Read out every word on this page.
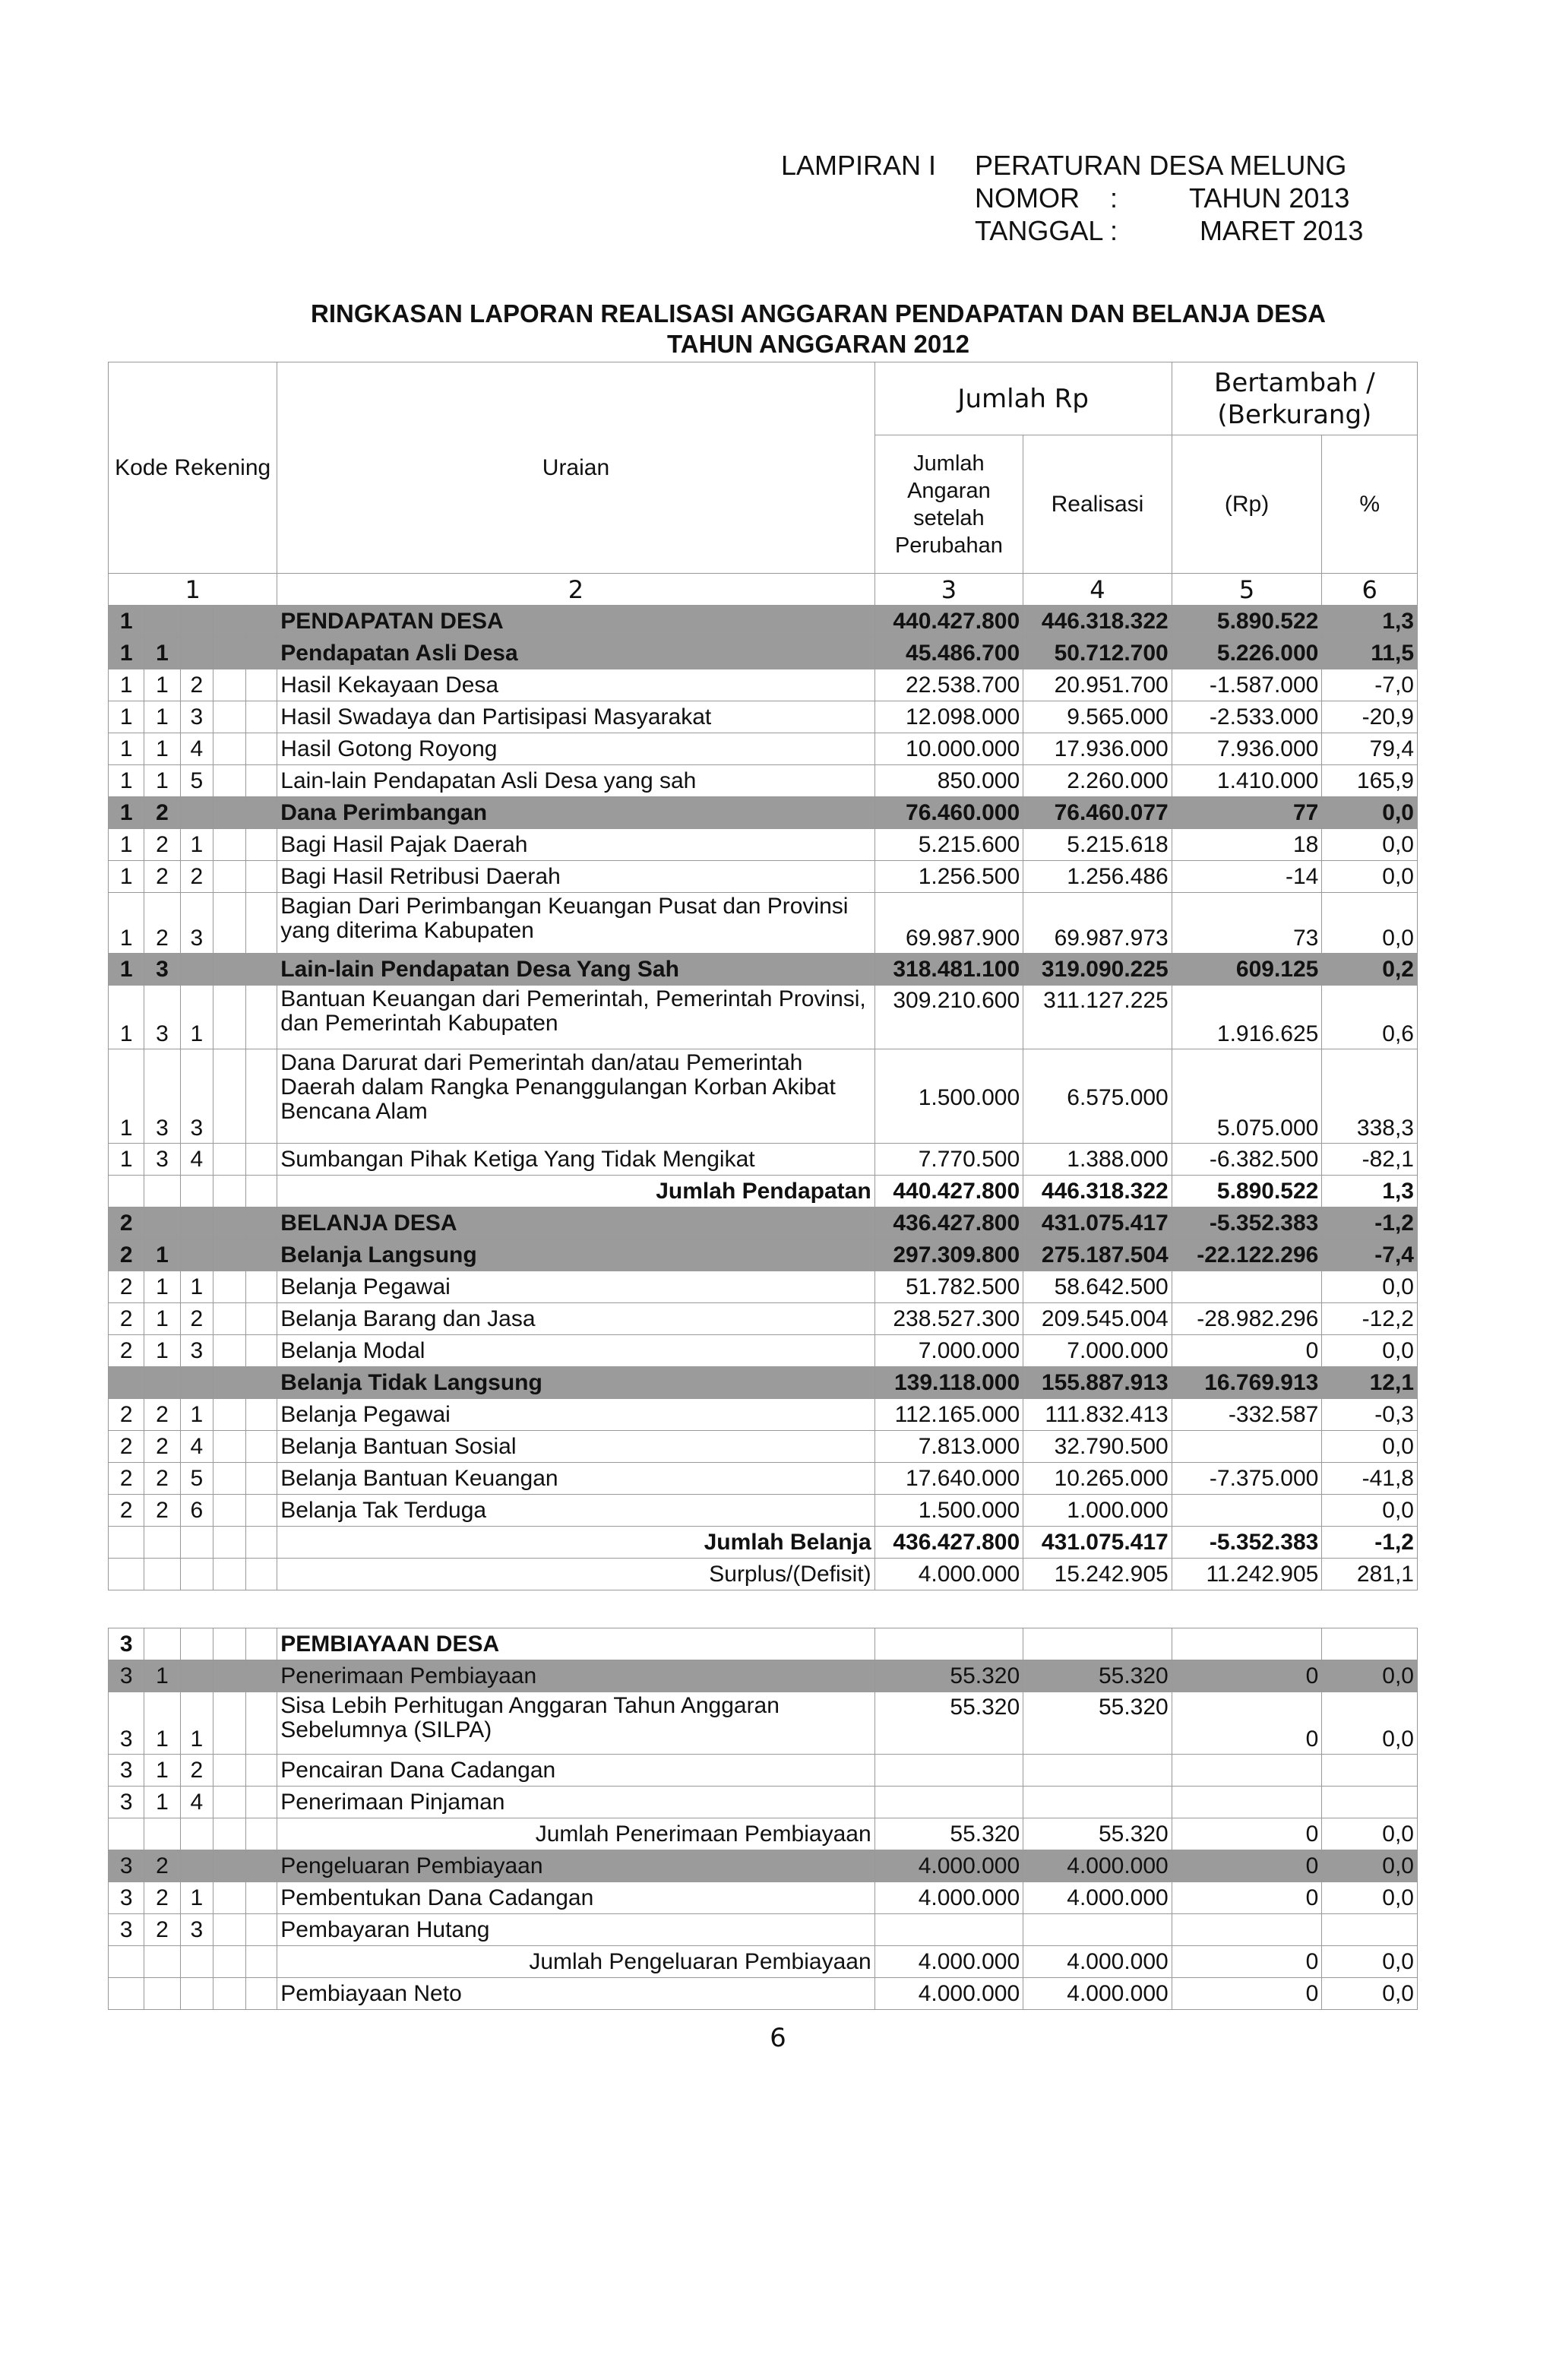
LAMPIRAN I	PERATURAN DESA MELUNG
NOMOR    :	TAHUN 2013
TANGGAL :	MARET 2013
RINGKASAN LAPORAN REALISASI ANGGARAN PENDAPATAN DAN BELANJA DESA
TAHUN ANGGARAN 2012
Kode Rekening					Uraian	Jumlah Rp		Bertambah / (Berkurang)	
						Jumlah Angaran setelah Perubahan	Realisasi	(Rp)	%
1					2	3	4	5	6
1					PENDAPATAN DESA	440.427.800	446.318.322	5.890.522	1,3
1	1				Pendapatan Asli Desa	45.486.700	50.712.700	5.226.000	11,5
1	1	2			Hasil Kekayaan Desa	22.538.700	20.951.700	-1.587.000	-7,0
1	1	3			Hasil Swadaya dan Partisipasi Masyarakat	12.098.000	9.565.000	-2.533.000	-20,9
1	1	4			Hasil Gotong Royong	10.000.000	17.936.000	7.936.000	79,4
1	1	5			Lain-lain Pendapatan Asli Desa yang sah	850.000	2.260.000	1.410.000	165,9
1	2				Dana Perimbangan	76.460.000	76.460.077	77	0,0
1	2	1			Bagi Hasil Pajak Daerah	5.215.600	5.215.618	18	0,0
1	2	2			Bagi Hasil Retribusi Daerah	1.256.500	1.256.486	-14	0,0
1	2	3			Bagian Dari Perimbangan Keuangan Pusat dan Provinsi yang diterima Kabupaten	69.987.900	69.987.973	73	0,0
1	3				Lain-lain Pendapatan Desa Yang Sah	318.481.100	319.090.225	609.125	0,2
1	3	1			Bantuan Keuangan dari Pemerintah, Pemerintah Provinsi, dan Pemerintah Kabupaten	309.210.600	311.127.225	1.916.625	0,6
1	3	3			Dana Darurat dari Pemerintah dan/atau Pemerintah Daerah dalam Rangka Penanggulangan Korban Akibat Bencana Alam	1.500.000	6.575.000	5.075.000	338,3
1	3	4			Sumbangan Pihak Ketiga Yang Tidak Mengikat	7.770.500	1.388.000	-6.382.500	-82,1
					Jumlah Pendapatan	440.427.800	446.318.322	5.890.522	1,3
2					BELANJA DESA	436.427.800	431.075.417	-5.352.383	-1,2
2	1				Belanja Langsung	297.309.800	275.187.504	-22.122.296	-7,4
2	1	1			Belanja Pegawai	51.782.500	58.642.500		0,0
2	1	2			Belanja Barang dan Jasa	238.527.300	209.545.004	-28.982.296	-12,2
2	1	3			Belanja Modal	7.000.000	7.000.000	0	0,0
					Belanja Tidak Langsung	139.118.000	155.887.913	16.769.913	12,1
2	2	1			Belanja Pegawai	112.165.000	111.832.413	-332.587	-0,3
2	2	4			Belanja Bantuan Sosial	7.813.000	32.790.500		0,0
2	2	5			Belanja Bantuan Keuangan	17.640.000	10.265.000	-7.375.000	-41,8
2	2	6			Belanja Tak Terduga	1.500.000	1.000.000		0,0
					Jumlah Belanja	436.427.800	431.075.417	-5.352.383	-1,2
					Surplus/(Defisit)	4.000.000	15.242.905	11.242.905	281,1
3					PEMBIAYAAN DESA				
3	1				Penerimaan Pembiayaan	55.320	55.320	0	0,0
3	1	1			Sisa Lebih Perhitugan Anggaran Tahun Anggaran Sebelumnya (SILPA)	55.320	55.320	0	0,0
3	1	2			Pencairan Dana Cadangan				
3	1	4			Penerimaan Pinjaman				
					Jumlah Penerimaan Pembiayaan	55.320	55.320	0	0,0
3	2				Pengeluaran Pembiayaan	4.000.000	4.000.000	0	0,0
3	2	1			Pembentukan Dana Cadangan	4.000.000	4.000.000	0	0,0
3	2	3			Pembayaran Hutang				
					Jumlah Pengeluaran Pembiayaan	4.000.000	4.000.000	0	0,0
					Pembiayaan Neto	4.000.000	4.000.000	0	0,0
6
